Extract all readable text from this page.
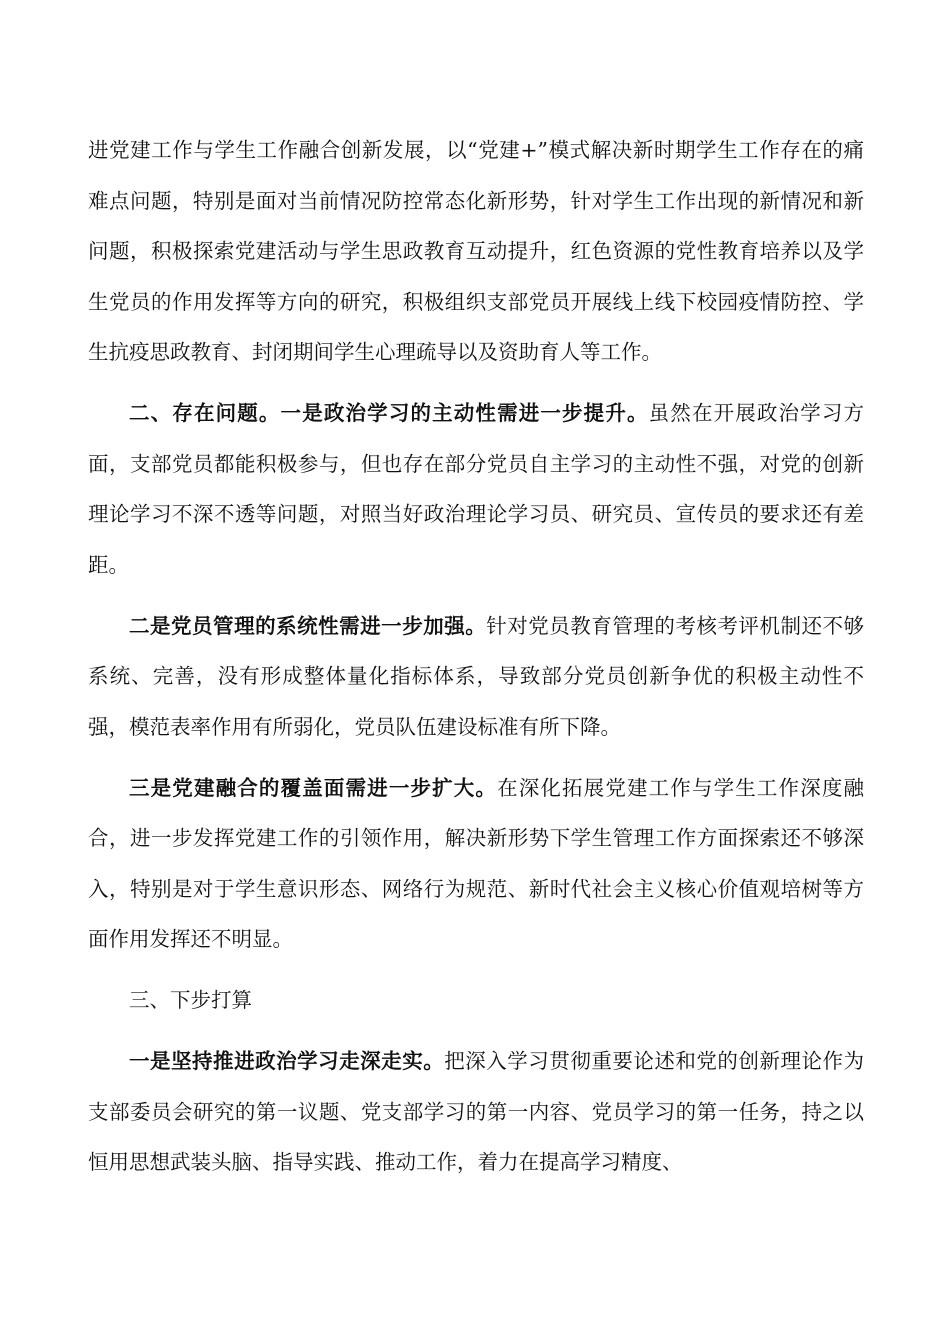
进党建工作与学生工作融合创新发展，以“党建+”模式解决新时期学生工作存在的痛难点问题，特别是面对当前情况防控常态化新形势，针对学生工作出现的新情况和新问题，积极探索党建活动与学生思政教育互动提升，红色资源的党性教育培养以及学生党员的作用发挥等方向的研究，积极组织支部党员开展线上线下校园疫情防控、学生抗疫思政教育、封闭期间学生心理疏导以及资助育人等工作。

二、存在问题。一是政治学习的主动性需进一步提升。虽然在开展政治学习方面，支部党员都能积极参与，但也存在部分党员自主学习的主动性不强，对党的创新理论学习不深不透等问题，对照当好政治理论学习员、研究员、宣传员的要求还有差距。

二是党员管理的系统性需进一步加强。针对党员教育管理的考核考评机制还不够系统、完善，没有形成整体量化指标体系，导致部分党员创新争优的积极主动性不强，模范表率作用有所弱化，党员队伍建设标准有所下降。

三是党建融合的覆盖面需进一步扩大。在深化拓展党建工作与学生工作深度融合，进一步发挥党建工作的引领作用，解决新形势下学生管理工作方面探索还不够深入，特别是对于学生意识形态、网络行为规范、新时代社会主义核心价值观培树等方面作用发挥还不明显。

三、下步打算

一是坚持推进政治学习走深走实。把深入学习贯彻重要论述和党的创新理论作为支部委员会研究的第一议题、党支部学习的第一内容、党员学习的第一任务，持之以恒用思想武装头脑、指导实践、推动工作，着力在提高学习精度、
